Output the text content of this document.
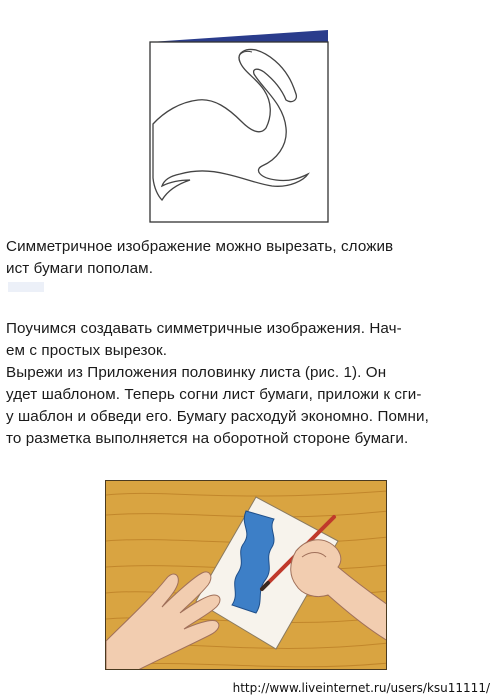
Симметричное изображение можно вырезать, сложив
ист бумаги пополам.

Поучимся создавать симметричные изображения. Нач-
ем с простых вырезок.
Вырежи из Приложения половинку листа (рис. 1). Он
удет шаблоном. Теперь согни лист бумаги, приложи к сги-
у шаблон и обведи его. Бумагу расходуй экономно. Помни,
то разметка выполняется на оборотной стороне бумаги.

http://www.liveinternet.ru/users/ksu11111/
